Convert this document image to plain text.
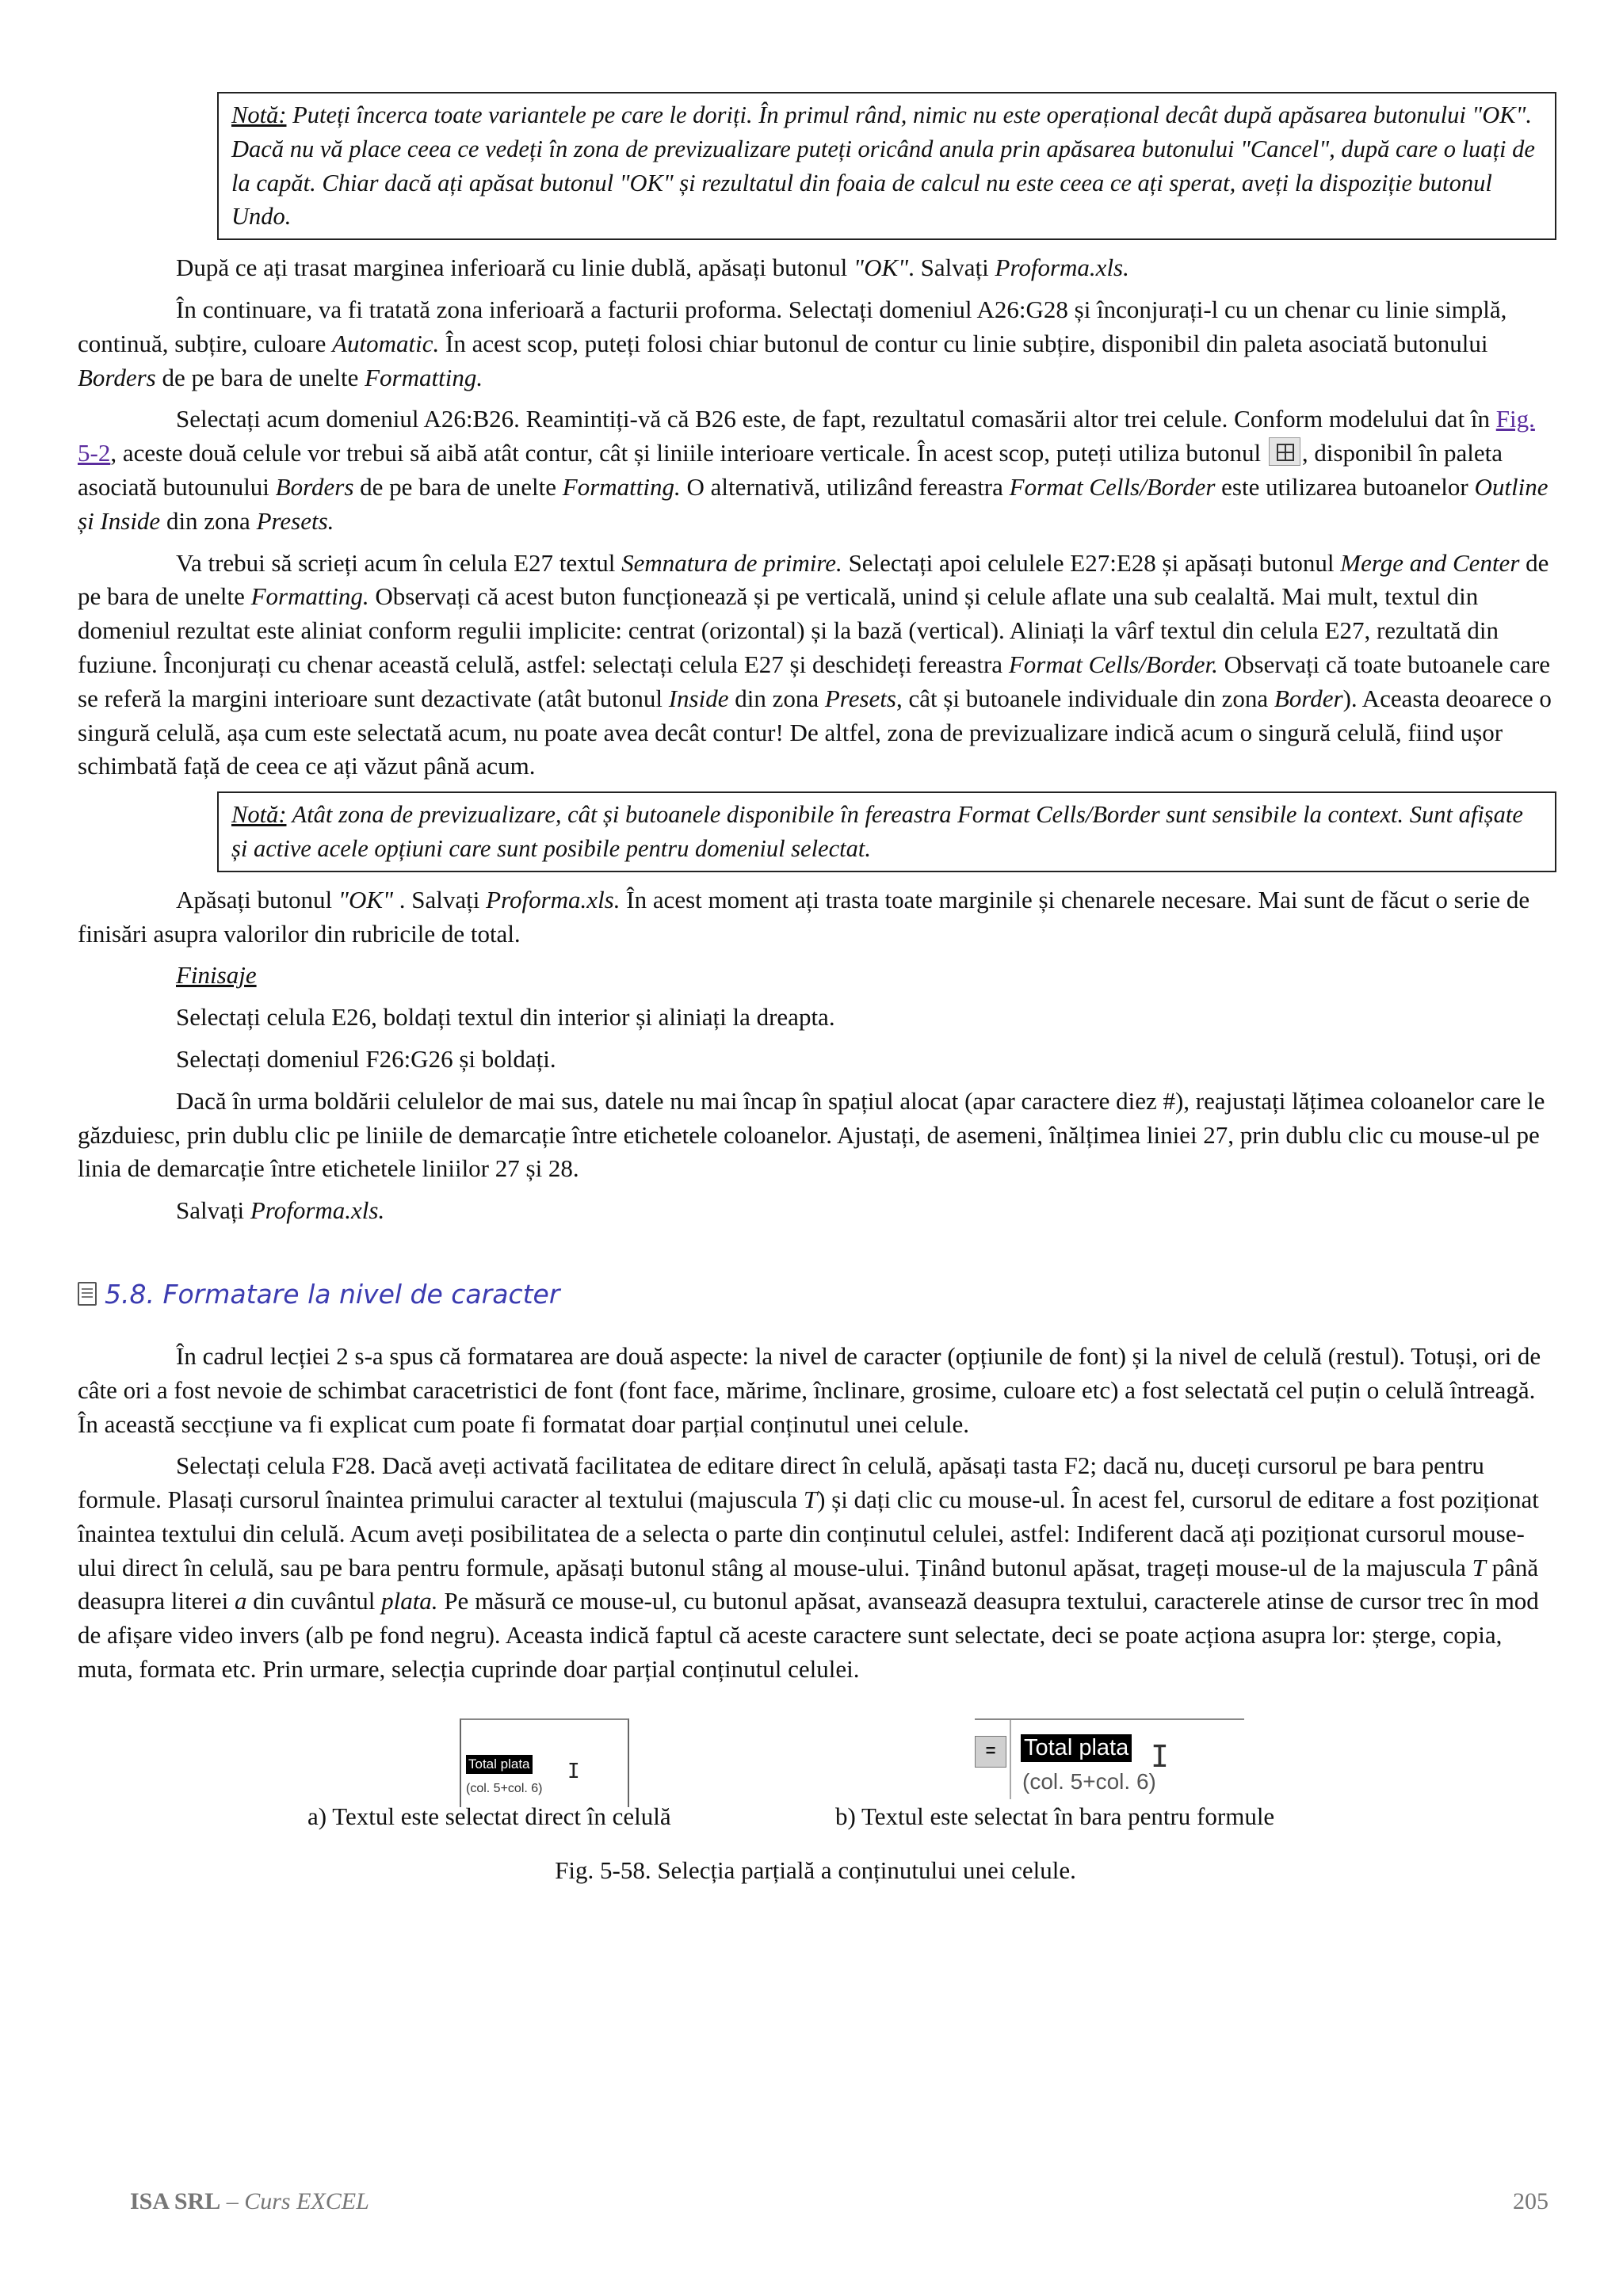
Notă: Puteți încerca toate variantele pe care le doriți. În primul rând, nimic nu este operațional decât după apăsarea butonului "OK". Dacă nu vă place ceea ce vedeți în zona de previzualizare puteți oricând anula prin apăsarea butonului "Cancel", după care o luați de la capăt. Chiar dacă ați apăsat butonul "OK" și rezultatul din foaia de calcul nu este ceea ce ați sperat, aveți la dispoziție butonul Undo.

După ce ați trasat marginea inferioară cu linie dublă, apăsați butonul "OK". Salvați Proforma.xls.

În continuare, va fi tratată zona inferioară a facturii proforma. Selectați domeniul A26:G28 și înconjurați-l cu un chenar cu linie simplă, continuă, subțire, culoare Automatic. În acest scop, puteți folosi chiar butonul de contur cu linie subțire, disponibil din paleta asociată butonului Borders de pe bara de unelte Formatting.

Selectați acum domeniul A26:B26. Reamintiți-vă că B26 este, de fapt, rezultatul comasării altor trei celule. Conform modelului dat în Fig. 5-2, aceste două celule vor trebui să aibă atât contur, cât și liniile interioare verticale. În acest scop, puteți utiliza butonul , disponibil în paleta asociată butounului Borders de pe bara de unelte Formatting. O alternativă, utilizând fereastra Format Cells/Border este utilizarea butoanelor Outline și Inside din zona Presets.

Va trebui să scrieți acum în celula E27 textul Semnatura de primire. Selectați apoi celulele E27:E28 și apăsați butonul Merge and Center de pe bara de unelte Formatting. Observați că acest buton funcționează și pe verticală, unind și celule aflate una sub cealaltă. Mai mult, textul din domeniul rezultat este aliniat conform regulii implicite: centrat (orizontal) și la bază (vertical). Aliniați la vârf textul din celula E27, rezultată din fuziune. Înconjurați cu chenar această celulă, astfel: selectați celula E27 și deschideți fereastra Format Cells/Border. Observați că toate butoanele care se referă la margini interioare sunt dezactivate (atât butonul Inside din zona Presets, cât și butoanele individuale din zona Border). Aceasta deoarece o singură celulă, așa cum este selectată acum, nu poate avea decât contur! De altfel, zona de previzualizare indică acum o singură celulă, fiind ușor schimbată față de ceea ce ați văzut până acum.

Notă: Atât zona de previzualizare, cât și butoanele disponibile în fereastra Format Cells/Border sunt sensibile la context. Sunt afișate și active acele opțiuni care sunt posibile pentru domeniul selectat.

Apăsați butonul "OK" . Salvați Proforma.xls. În acest moment ați trasta toate marginile și chenarele necesare. Mai sunt de făcut o serie de finisări asupra valorilor din rubricile de total.

Finisaje

Selectați celula E26, boldați textul din interior și aliniați la dreapta.

Selectați domeniul F26:G26 și boldați.

Dacă în urma boldării celulelor de mai sus, datele nu mai încap în spațiul alocat (apar caractere diez #), reajustați lățimea coloanelor care le găzduiesc, prin dublu clic pe liniile de demarcație între etichetele coloanelor. Ajustați, de asemeni, înălțimea liniei 27, prin dublu clic cu mouse-ul pe linia de demarcație între etichetele liniilor 27 și 28.

Salvați Proforma.xls.

5.8. Formatare la nivel de caracter

În cadrul lecției 2 s-a spus că formatarea are două aspecte: la nivel de caracter (opțiunile de font) și la nivel de celulă (restul). Totuși, ori de câte ori a fost nevoie de schimbat caracetristici de font (font face, mărime, înclinare, grosime, culoare etc) a fost selectată cel puțin o celulă întreagă. În această seccțiune va fi explicat cum poate fi formatat doar parțial conținutul unei celule.

Selectați celula F28. Dacă aveți activată facilitatea de editare direct în celulă, apăsați tasta F2; dacă nu, duceți cursorul pe bara pentru formule. Plasați cursorul înaintea primului caracter al textului (majuscula T) și dați clic cu mouse-ul. În acest fel, cursorul de editare a fost poziționat înaintea textului din celulă. Acum aveți posibilitatea de a selecta o parte din conținutul celulei, astfel: Indiferent dacă ați poziționat cursorul mouse-ului direct în celulă, sau pe bara pentru formule, apăsați butonul stâng al mouse-ului. Ținând butonul apăsat, trageți mouse-ul de la majuscula T până deasupra literei a din cuvântul plata. Pe măsură ce mouse-ul, cu butonul apăsat, avansează deasupra textului, caracterele atinse de cursor trec în mod de afișare video invers (alb pe fond negru). Aceasta indică faptul că aceste caractere sunt selectate, deci se poate acționa asupra lor: șterge, copia, muta, formata etc. Prin urmare, selecția cuprinde doar parțial conținutul celulei.

Total plata I
(col. 5+col. 6)
=	Total plata I
(col. 5+col. 6)
a) Textul este selectat direct în celulă	b) Textul este selectat în bara pentru formule
Fig. 5-58. Selecția parțială a conținutului unei celule.
ISA SRL – Curs EXCEL	205
